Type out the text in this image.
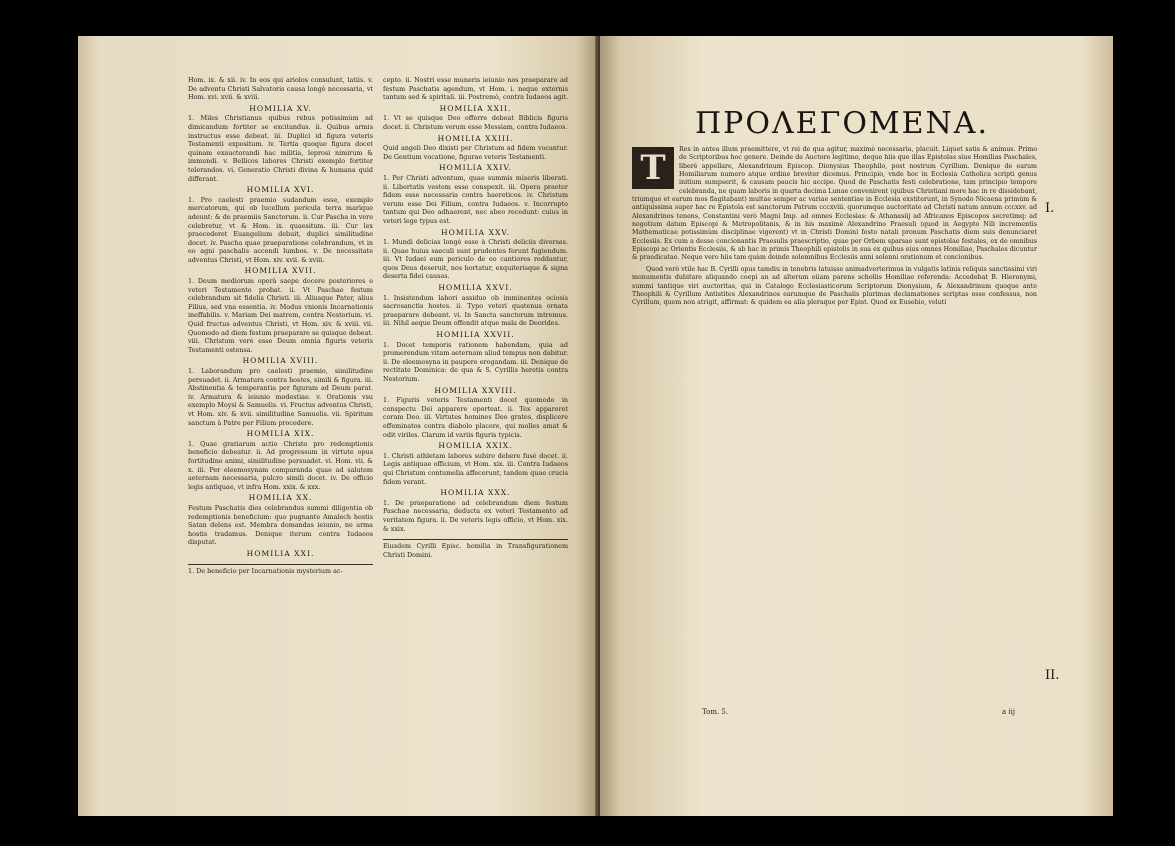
Hom. ix. & xii. iv. In eos qui ariolos consulunt, latiis. v. De adventu Christi Salvatoris causa longè necessaria, vt Hom. xvi. xvii. & xviii.

HOMILIA XV.

1. Miles Christianus quibus rebus potissimùm ad dimicandum fortiter se excitandus. ii. Quibus armis instructus esse debeat. iii. Duplici id figura veteris Testamenti expositum. iv. Tertia quoque figura docet quinam exauctorandi hac militia, leprosi nimirum & immundi. v. Bellicos labores Christi exemplo fortiter tolerandos. vi. Generatio Christi divina & humana quid differant.

HOMILIA XVI.

1. Pro caelesti praemio sudandum esse, exemplo mercatorum, qui ob lucellum pericula terra marique adeunt: & de praemiis Sanctorum. ii. Cur Pascha in vere celebretur, vt & Hom. ix. quaesitum. iii. Cur lex praecederet Euangelium debuit, duplici similitudine docet. iv. Pascha quae praeparatione celebrandum, vt in eo agni paschalis accendi lumbos. v. De necessitate adventus Christi, vt Hom. xiv. xvii. & xviii.

HOMILIA XVII.

1. Deum mediorum operâ saepe docere posteriores e veteri Testamento probat. ii. Vt Paschae festum celebrandum sit fidelis Christi. iii. Aliusque Pater, alius Filius, sed vna essentia. iv. Modus vnionis Incarnationis ineffabilis. v. Mariam Dei matrem, contra Nestorium. vi. Quid fructus adventus Christi, vt Hom. xiv. & xviii. vii. Quomodo ad diem festum praeparare se quisque debeat. viii. Christum verè esse Deum omnia figuris veteris Testamenti ostensa.

HOMILIA XVIII.

1. Laborandum pro caelesti praemio, similitudine persuadet. ii. Armatura contra hostes, simili & figura. iii. Abstinentia & temperantia per figuram ad Deum parat. iv. Armatura & ieiunio modestiae. v. Orationis vsu exemplo Moysi & Samuelis. vi. Fructus adventus Christi, vt Hom. xiv. & xvii. similitudine Samuelis. vii. Spiritum sanctum à Patre per Filium procedere.

HOMILIA XIX.

1. Quae gratiarum actio Christo pro redemptionis beneficio debeatur. ii. Ad progressum in virtute opus fortitudine animi, similitudine persuadet. vi. Hom. vii. & x. iii. Per eleemosynam comparanda quae ad salutem aeternam necessaria, pulcro simili docet. iv. De officio legis antiquae, vt infra Hom. xxix. & xxx.

HOMILIA XX.

Festum Paschatis dies celebrandus summi diligentia ob redemptionis beneficium: quo pugnante Amalech hostis Satan delens est. Membra domandas ieiunio, ne arma hostis tradamus. Denique iterum contra Iudaeos disputat.

HOMILIA XXI.

1. De beneficio per Incarnationis mysterium ac-

cepto. ii. Nostri esse muneris ieiunio nos praeparare ad festum Paschatis agendum, vt Hom. i. neque externis tantum sed & spiritali. iii. Postremò, contra Iudaeos agit.

HOMILIA XXII.

1. Vt se quisque Deo offerre debeat Biblicis figuris docet. ii. Christum verum esse Messiam, contra Iudaeos.

HOMILIA XXIII.

Quid angeli Deo dixisti per Christum ad fidem vocantur. De Gentium vocatione, figurae veteris Testamenti.

HOMILIA XXIV.

1. Per Christi adventum, quae summis miseris liberati. ii. Libertatis vestem esse conspexit. iii. Opera praeter fidem esse necessaria contra haereticos. iv. Christum verum esse Dei Filium, contra Iudaeos. v. Incorrupto tantum qui Deo adhaerent, nec abeo recedunt: cuius in veteri lege typus est.

HOMILIA XXV.

1. Mundi delicias longè esse à Christi deliciis diversas. ii. Quae huius saeculi sunt prudentes ferunt fugiendum. iii. Vt Iudaei eum periculo de eo cantiores reddantur, quos Deus deseruit, nos hortatur, exquiterisque & signa deserta fidei causas.

HOMILIA XXVI.

1. Insistendum labori assiduo ob imminentes ociosis sacrosanctis hostes. ii. Typo veteri quatenus ornata praeparare debeant. vi. In Sancta sanctorum intremus. iii. Nihil aeque Deum offendit atque mala de Deorides.

HOMILIA XXVII.

1. Docet temporis rationem habendam, quia ad promerendum vitam aeternam aliud tempus non dabitur. ii. De eleemosyna in paupere erogandam. iii. Denique de rectitate Dominica: de qua & S. Cyrillis heretis contra Nestorium.

HOMILIA XXVIII.

1. Figuris veteris Testamenti docet quomodo in conspectu Dei apparere oporteat. ii. Tex appareret coram Deo. iii. Virtutes homines Deo grates, displicere effeminatos contra diabolo placere, qui molles amat & odit viriles. Clarum id variis figuris typicis.

HOMILIA XXIX.

1. Christi athletam labores subire debere fusè docet. ii. Legis antiquae officium, vt Hom. xix. iii. Contra Iudaeos qui Christum contumelia affecerunt, tandem quae crucis fidem verant.

HOMILIA XXX.

1. De praeparatione ad celebrandum diem festum Paschae necessaria, deducta ex veteri Testamento ad veritatem figura. ii. De veteris legis officio, vt Hom. xix. & xxix.

Eiusdem Cyrilli Episc. homilia in Transfigurationem Christi Domini.
ΠΡΟΛΕΓΟΜΕΝΑ.
T	Res in antea illum praemittere, vt rei de qua agitur, maximè necessaria, placuit. Liquet satis & animus. Primo de Scriptoribus hoc genere. Deinde de Auctore legitimo, deque hiis que illas Epistolas siue Homilias Paschales, liberè appellare, Alexandrinum Episcop. Dionysius Theophilo, post nostrum Cyrillum. Denique de earum Homiliarum numero atque ordine breviter dicemus. Principio, vnde hoc in Ecclesia Catholica scripti genus initium sumpserit, & causam paucis hic accipe. Quod de Paschatis festi celebratione, tam principio tempore celebranda, ne quam laboris in quarta decima Lunae convenirent (quibus Christiani more hac in re dissidebant, triumque et earum mos flagitabant) multae semper ac variae sententiae in Ecclesia exstiterunt, in Synodo Nicaena primùm & antiquissima super hac re Epistola est sanctorum Patrum cccxviii. quorumque auctoritate ad Christi natum annum cccxxv. ad Alexandrinos tenens, Constantini verò Magni Imp. ad omnes Ecclesias: & Athanasiij ad Africanos Episcopos secretimq: ad negotium datum Episcopi & Metropolitanis, & in his maximè Alexandrino Praesuli (quod in Aegypto Nili incrementis Mathematicae potissimùm disciplinae vigerent) vt in Christi Domini festo natali pronum Paschatis diem suis denunciaret Ecclesiis. Ex cum a desse concionantis Praesulis praescriptio, quae per Orbem sparsae sunt epistolae festales, ex de omnibus Episcopi ac Orientis Ecclesiis, & ab hac in primis Theophili epistolis in sua ex quibus eius omnes Homiliae, Paschales dicuntur & praedicatae. Neque vero hiis tam quàm deinde solemnibus Ecclesiis anni solenni orationum et concionibus.

Quod verò vtile hac B. Cyrilli opus tamdiu in tenebris latuisse animadverterimus in vulgatis latinis reliquis sanctissimi viri monumentis dubitare aliquando coepi an ad alterum eiiam parens scholiis Homiliae referenda: Accedebat B. Hieronymi, summi tantique viri auctoritas, qui in Catalogo Ecclesiasticorum Scriptorum Dionysium, & Alexandrinum quoque ante Theophili & Cyrillum Antistites Alexandrinos earumque de Paschalis plurimas declamationes scriptas esse confessus, non Cyrillum, quem non atrigit, affirmat: & quidem ea alia pleraque per Epist. Quod ex Eusebio, veluti

I.
II.
Tom. 5.	a iij
